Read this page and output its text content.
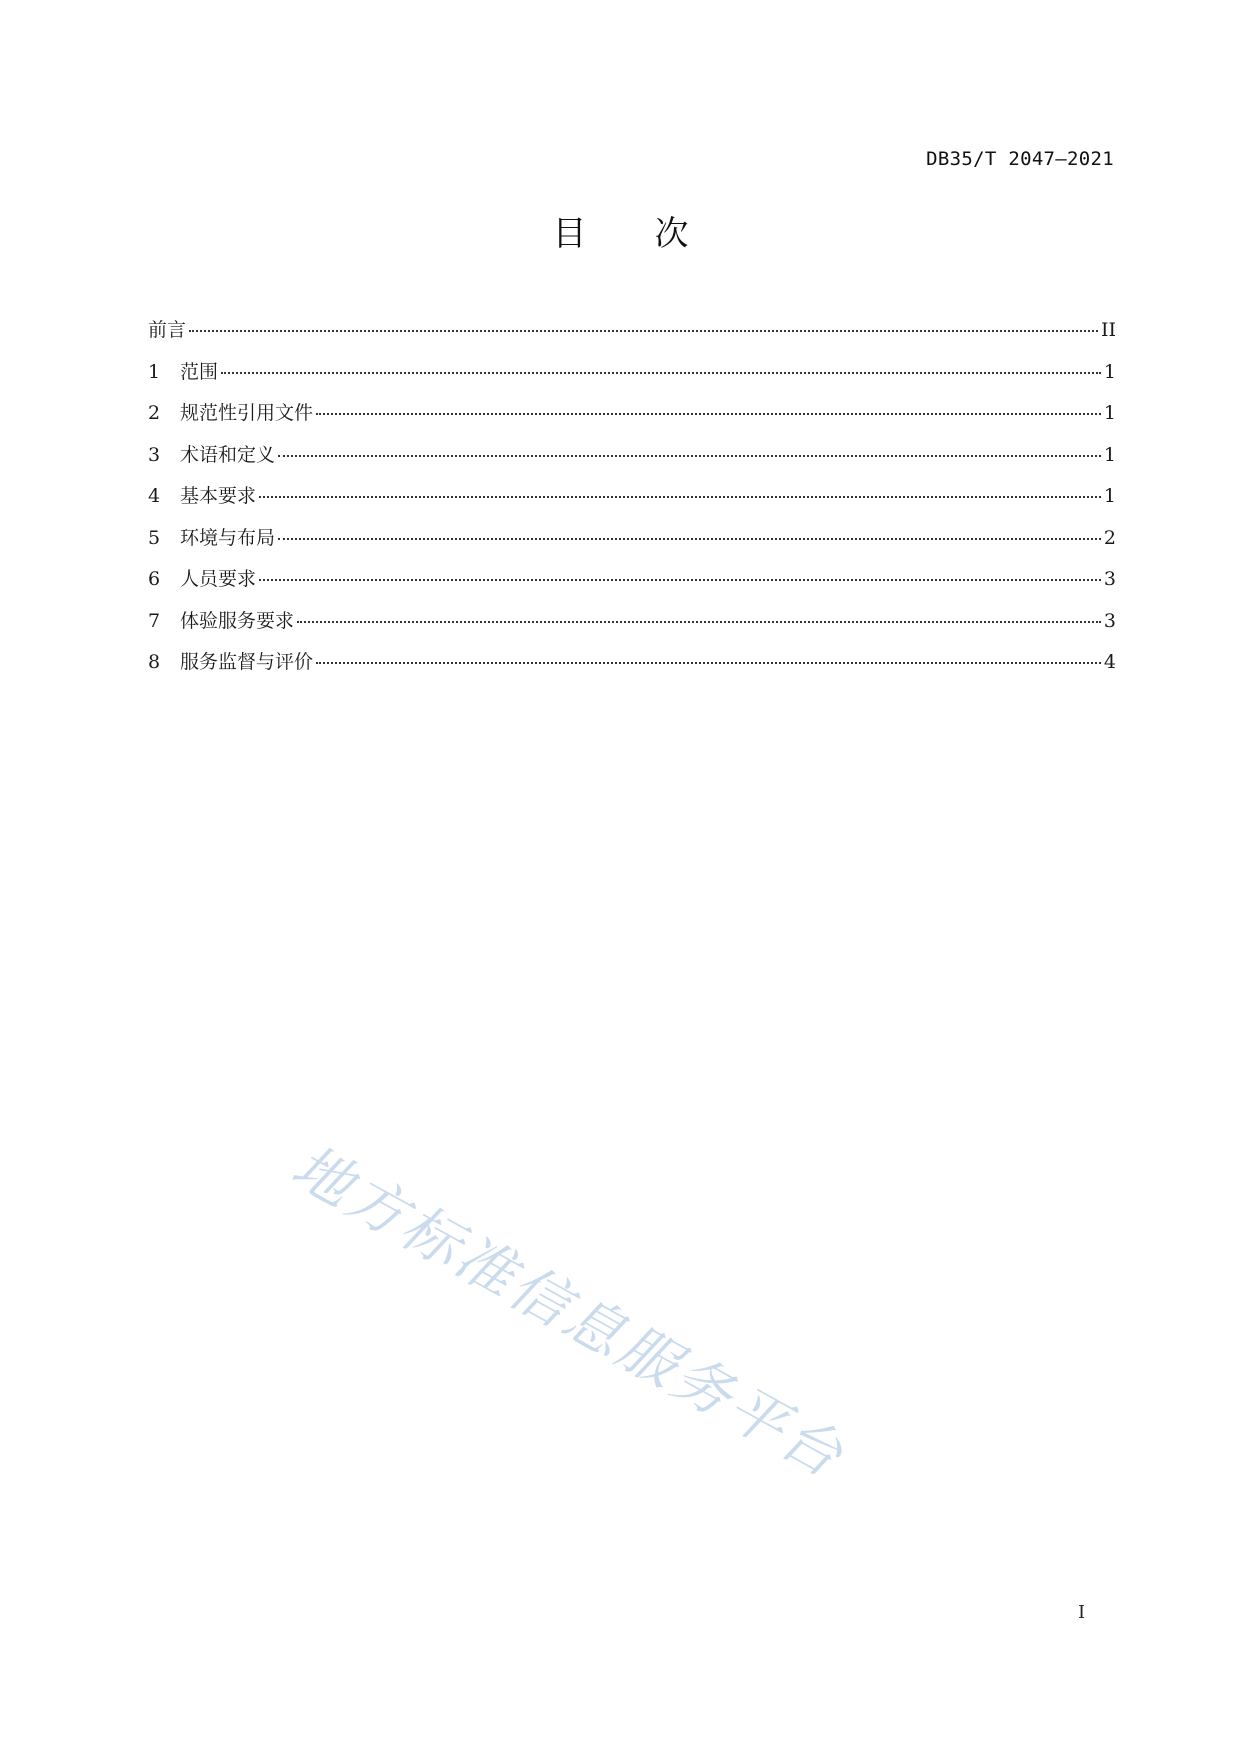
DB35/T 2047—2021
目次
前言	II
1	范围	1
2	规范性引用文件	1
3	术语和定义	1
4	基本要求	1
5	环境与布局	2
6	人员要求	3
7	体验服务要求	3
8	服务监督与评价	4
地方标准信息服务平台
I
